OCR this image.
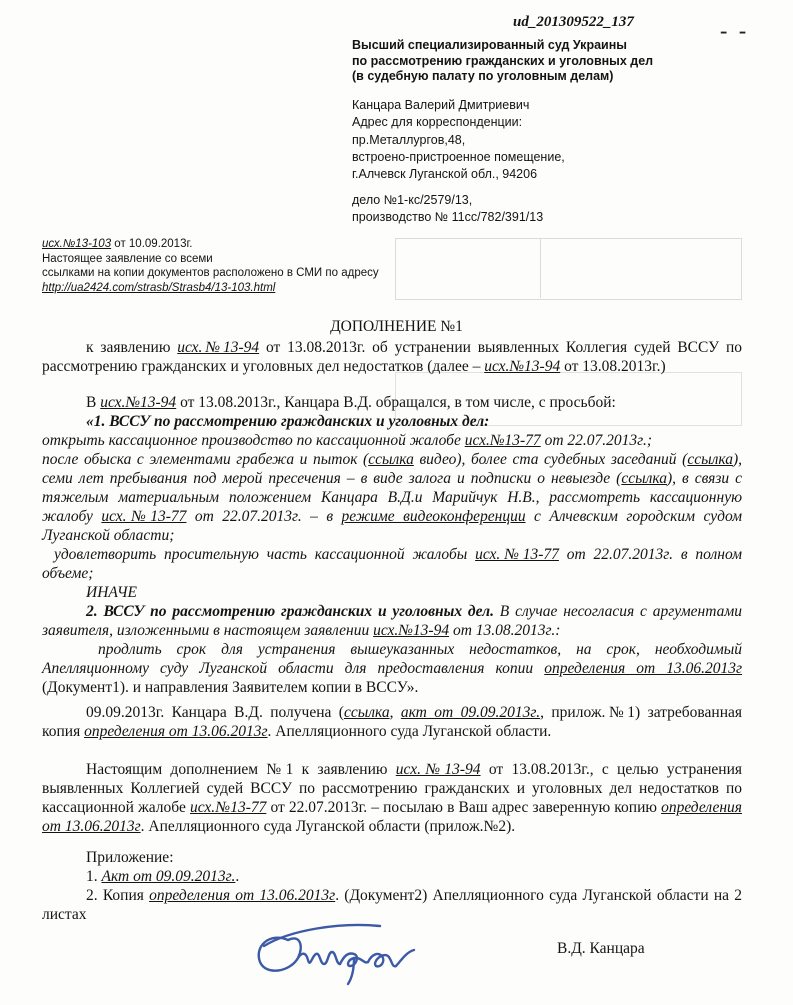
ud_201309522_137	- -
Высший специализированный суд Украины
по рассмотрению гражданских и уголовных дел
(в судебную палату по уголовным делам)
Канцара Валерий Дмитриевич
Адрес для корреспонденции:
пр.Металлургов,48,
встроено-пристроенное помещение,
г.Алчевск Луганской обл., 94206
дело №1-кс/2579/13,
производство № 11сс/782/391/13
исх.№13-103 от 10.09.2013г.
Настоящее заявление со всеми
ссылками на копии документов расположено в СМИ по адресу
http://ua2424.com/strasb/Strasb4/13-103.html
ДОПОЛНЕНИЕ №1
к заявлению исх.№13-94 от 13.08.2013г. об устранении выявленных Коллегия судей ВССУ по рассмотрению гражданских и уголовных дел недостатков (далее – исх.№13-94 от 13.08.2013г.)
В исх.№13-94 от 13.08.2013г., Канцара В.Д. обращался, в том числе, с просьбой:
«1. ВССУ по рассмотрению гражданских и уголовных дел:
открыть кассационное производство по кассационной жалобе исх.№13-77 от 22.07.2013г.;
после обыска с элементами грабежа и пыток (ссылка видео), более ста судебных заседаний (ссылка), семи лет пребывания под мерой пресечения – в виде залога и подписки о невыезде (ссылка), в связи с тяжелым материальным положением Канцара В.Д.и Марийчук Н.В., рассмотреть кассационную жалобу исх.№13-77 от 22.07.2013г. – в режиме видеоконференции с Алчевским городским судом Луганской области;
удовлетворить просительную часть кассационной жалобы исх.№13-77 от 22.07.2013г. в полном объеме;
ИНАЧЕ
2. ВССУ по рассмотрению гражданских и уголовных дел. В случае несогласия с аргументами заявителя, изложенными в настоящем заявлении исх.№13-94 от 13.08.2013г.:
продлить срок для устранения вышеуказанных недостатков, на срок, необходимый Апелляционному суду Луганской области для предоставления копии определения от 13.06.2013г (Документ1). и направления Заявителем копии в ВССУ».
09.09.2013г. Канцара В.Д. получена (ссылка, акт от 09.09.2013г., прилож.№1) затребованная копия определения от 13.06.2013г. Апелляционного суда Луганской области.
Настоящим дополнением №1 к заявлению исх.№13-94 от 13.08.2013г., с целью устранения выявленных Коллегией судей ВССУ по рассмотрению гражданских и уголовных дел недостатков по кассационной жалобе исх.№13-77 от 22.07.2013г. – посылаю в Ваш адрес заверенную копию определения от 13.06.2013г. Апелляционного суда Луганской области (прилож.№2).
Приложение:
1. Акт от 09.09.2013г..
2. Копия определения от 13.06.2013г. (Документ2) Апелляционного суда Луганской области на 2 листах
В.Д. Канцара
